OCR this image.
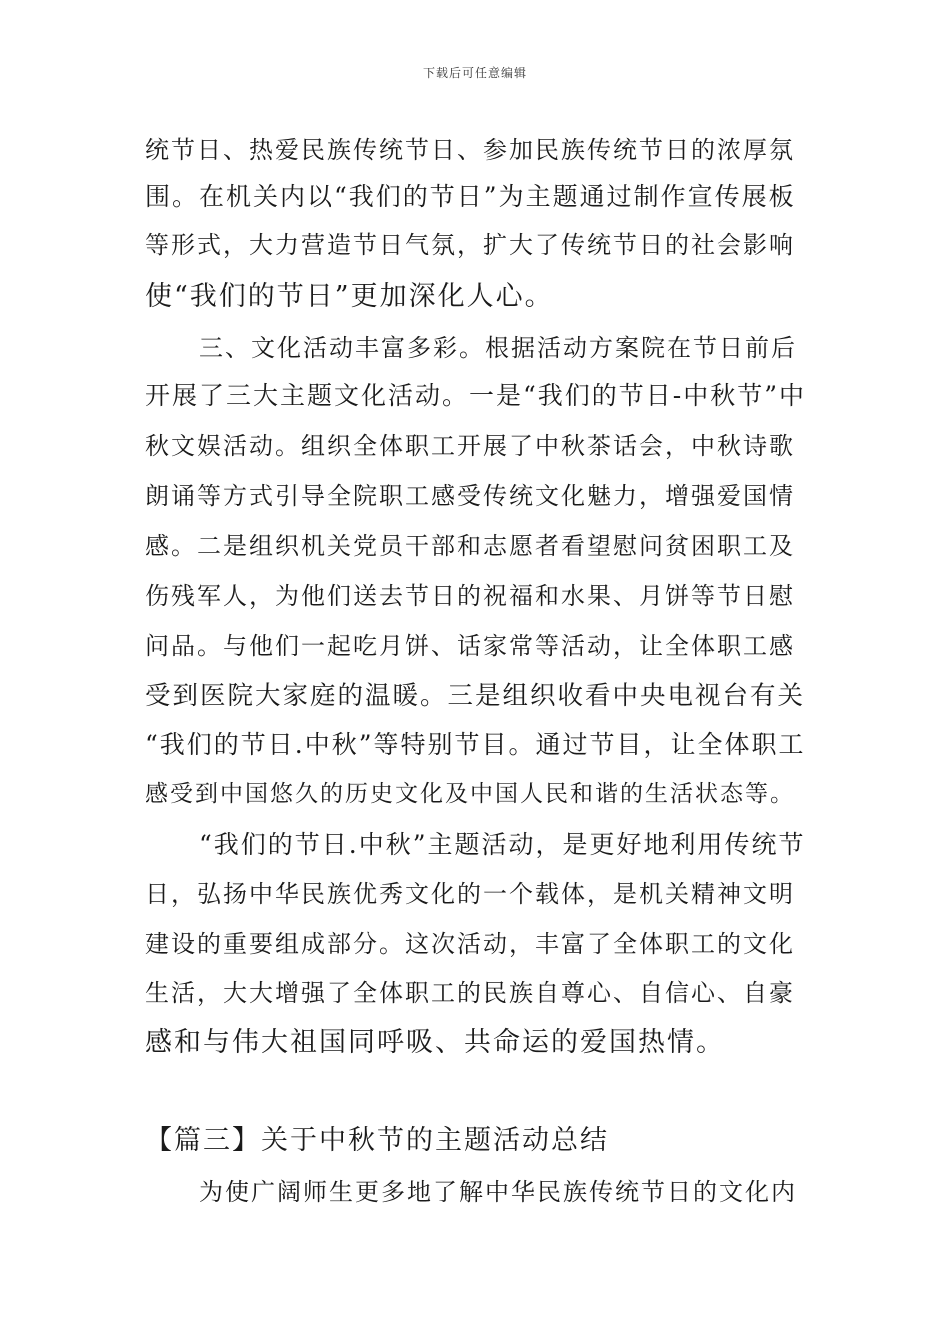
下载后可任意编辑
统节日、热爱民族传统节日、参加民族传统节日的浓厚氛
围。在机关内以“我们的节日”为主题通过制作宣传展板
等形式，大力营造节日气氛，扩大了传统节日的社会影响
使“我们的节日”更加深化人心。
三、文化活动丰富多彩。根据活动方案院在节日前后
开展了三大主题文化活动。一是“我们的节日-中秋节”中
秋文娱活动。组织全体职工开展了中秋茶话会，中秋诗歌
朗诵等方式引导全院职工感受传统文化魅力，增强爱国情
感。二是组织机关党员干部和志愿者看望慰问贫困职工及
伤残军人，为他们送去节日的祝福和水果、月饼等节日慰
问品。与他们一起吃月饼、话家常等活动，让全体职工感
受到医院大家庭的温暖。三是组织收看中央电视台有关
“我们的节日.中秋”等特别节目。通过节目，让全体职工
感受到中国悠久的历史文化及中国人民和谐的生活状态等。
“我们的节日.中秋”主题活动，是更好地利用传统节
日，弘扬中华民族优秀文化的一个载体，是机关精神文明
建设的重要组成部分。这次活动，丰富了全体职工的文化
生活，大大增强了全体职工的民族自尊心、自信心、自豪
感和与伟大祖国同呼吸、共命运的爱国热情。
【篇三】关于中秋节的主题活动总结
为使广阔师生更多地了解中华民族传统节日的文化内
